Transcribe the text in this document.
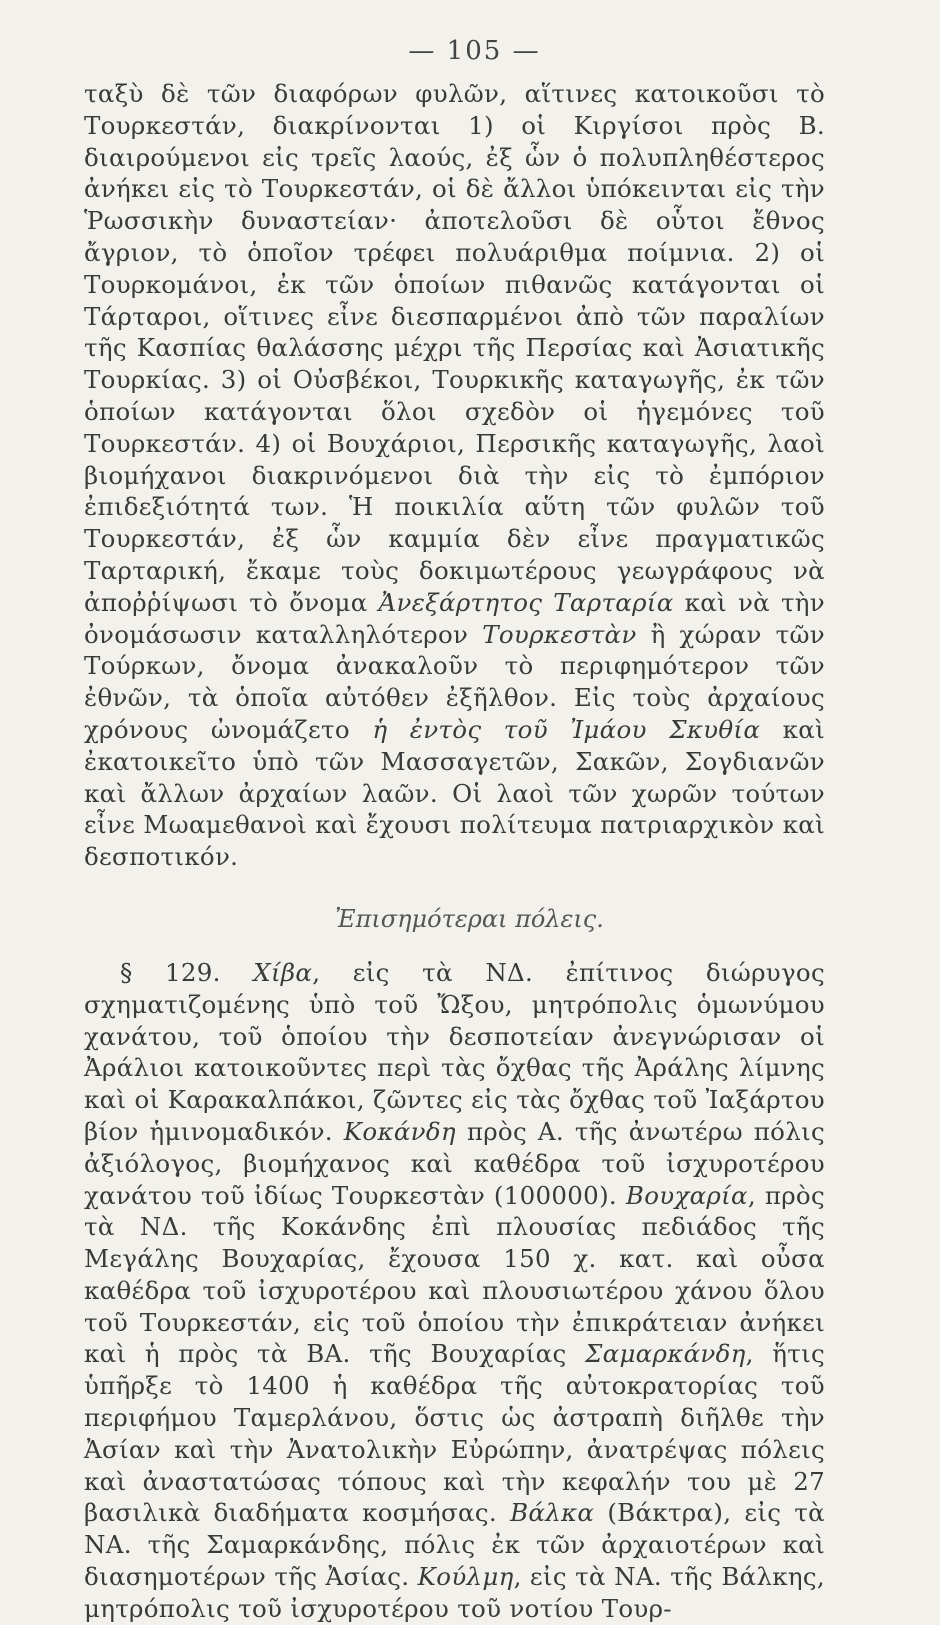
— 105 —

ταξὺ δὲ τῶν διαφόρων φυλῶν, αἵτινες κατοικοῦσι τὸ Τουρκεστάν, διακρίνονται 1) οἱ Κιργίσοι πρὸς Β. διαιρούμενοι εἰς τρεῖς λαούς, ἐξ ὧν ὁ πολυπληθέστερος ἀνήκει εἰς τὸ Τουρκεστάν, οἱ δὲ ἄλλοι ὑπόκεινται εἰς τὴν Ῥωσσικὴν δυναστείαν· ἀποτελοῦσι δὲ οὗτοι ἔθνος ἄγριον, τὸ ὁποῖον τρέφει πολυάριθμα ποίμνια. 2) οἱ Τουρκομάνοι, ἐκ τῶν ὁποίων πιθανῶς κατάγονται οἱ Τάρταροι, οἵτινες εἶνε διεσπαρμένοι ἀπὸ τῶν παραλίων τῆς Κασπίας θαλάσσης μέχρι τῆς Περσίας καὶ Ἀσιατικῆς Τουρκίας. 3) οἱ Οὐσβέκοι, Τουρκικῆς καταγωγῆς, ἐκ τῶν ὁποίων κατάγονται ὅλοι σχεδὸν οἱ ἡγεμόνες τοῦ Τουρκεστάν. 4) οἱ Βουχάριοι, Περσικῆς καταγωγῆς, λαοὶ βιομήχανοι διακρινόμενοι διὰ τὴν εἰς τὸ ἐμπόριον ἐπιδεξιότητά των. Ἡ ποικιλία αὕτη τῶν φυλῶν τοῦ Τουρκεστάν, ἐξ ὧν καμμία δὲν εἶνε πραγματικῶς Ταρταρική, ἔκαμε τοὺς δοκιμωτέρους γεωγράφους νὰ ἀποῤῥίψωσι τὸ ὄνομα Ἀνεξάρτητος Ταρταρία καὶ νὰ τὴν ὀνομάσωσιν καταλληλότερον Τουρκεστὰν ἢ χώραν τῶν Τούρκων, ὄνομα ἀνακαλοῦν τὸ περιφημότερον τῶν ἐθνῶν, τὰ ὁποῖα αὐτόθεν ἐξῆλθον. Εἰς τοὺς ἀρχαίους χρόνους ὠνομάζετο ἡ ἐντὸς τοῦ Ἰμάου Σκυθία καὶ ἐκατοικεῖτο ὑπὸ τῶν Μασσαγετῶν, Σακῶν, Σογδιανῶν καὶ ἄλλων ἀρχαίων λαῶν. Οἱ λαοὶ τῶν χωρῶν τούτων εἶνε Μωαμεθανοὶ καὶ ἔχουσι πολίτευμα πατριαρχικὸν καὶ δεσποτικόν.

Ἐπισημότεραι πόλεις.

§ 129. Χίβα, εἰς τὰ ΝΔ. ἐπίτινος διώρυγος σχηματιζομένης ὑπὸ τοῦ Ὤξου, μητρόπολις ὁμωνύμου χανάτου, τοῦ ὁποίου τὴν δεσποτείαν ἀνεγνώρισαν οἱ Ἀράλιοι κατοικοῦντες περὶ τὰς ὄχθας τῆς Ἀράλης λίμνης καὶ οἱ Καρακαλπάκοι, ζῶντες εἰς τὰς ὄχθας τοῦ Ἰαξάρτου βίον ἡμινομαδικόν. Κοκάνδη πρὸς Α. τῆς ἀνωτέρω πόλις ἀξιόλογος, βιομήχανος καὶ καθέδρα τοῦ ἰσχυροτέρου χανάτου τοῦ ἰδίως Τουρκεστὰν (100000). Βουχαρία, πρὸς τὰ ΝΔ. τῆς Κοκάνδης ἐπὶ πλουσίας πεδιάδος τῆς Μεγάλης Βουχαρίας, ἔχουσα 150 χ. κατ. καὶ οὖσα καθέδρα τοῦ ἰσχυροτέρου καὶ πλουσιωτέρου χάνου ὅλου τοῦ Τουρκεστάν, εἰς τοῦ ὁποίου τὴν ἐπικράτειαν ἀνήκει καὶ ἡ πρὸς τὰ ΒΑ. τῆς Βουχαρίας Σαμαρκάνδη, ἥτις ὑπῆρξε τὸ 1400 ἡ καθέδρα τῆς αὐτοκρατορίας τοῦ περιφήμου Ταμερλάνου, ὅστις ὡς ἀστραπὴ διῆλθε τὴν Ἀσίαν καὶ τὴν Ἀνατολικὴν Εὐρώπην, ἀνατρέψας πόλεις καὶ ἀναστατώσας τόπους καὶ τὴν κεφαλήν του μὲ 27 βασιλικὰ διαδήματα κοσμήσας. Βάλκα (Βάκτρα), εἰς τὰ ΝΑ. τῆς Σαμαρκάνδης, πόλις ἐκ τῶν ἀρχαιοτέρων καὶ διασημοτέρων τῆς Ἀσίας. Κούλμη, εἰς τὰ ΝΑ. τῆς Βάλκης, μητρόπολις τοῦ ἰσχυροτέρου τοῦ νοτίου Τουρ-
